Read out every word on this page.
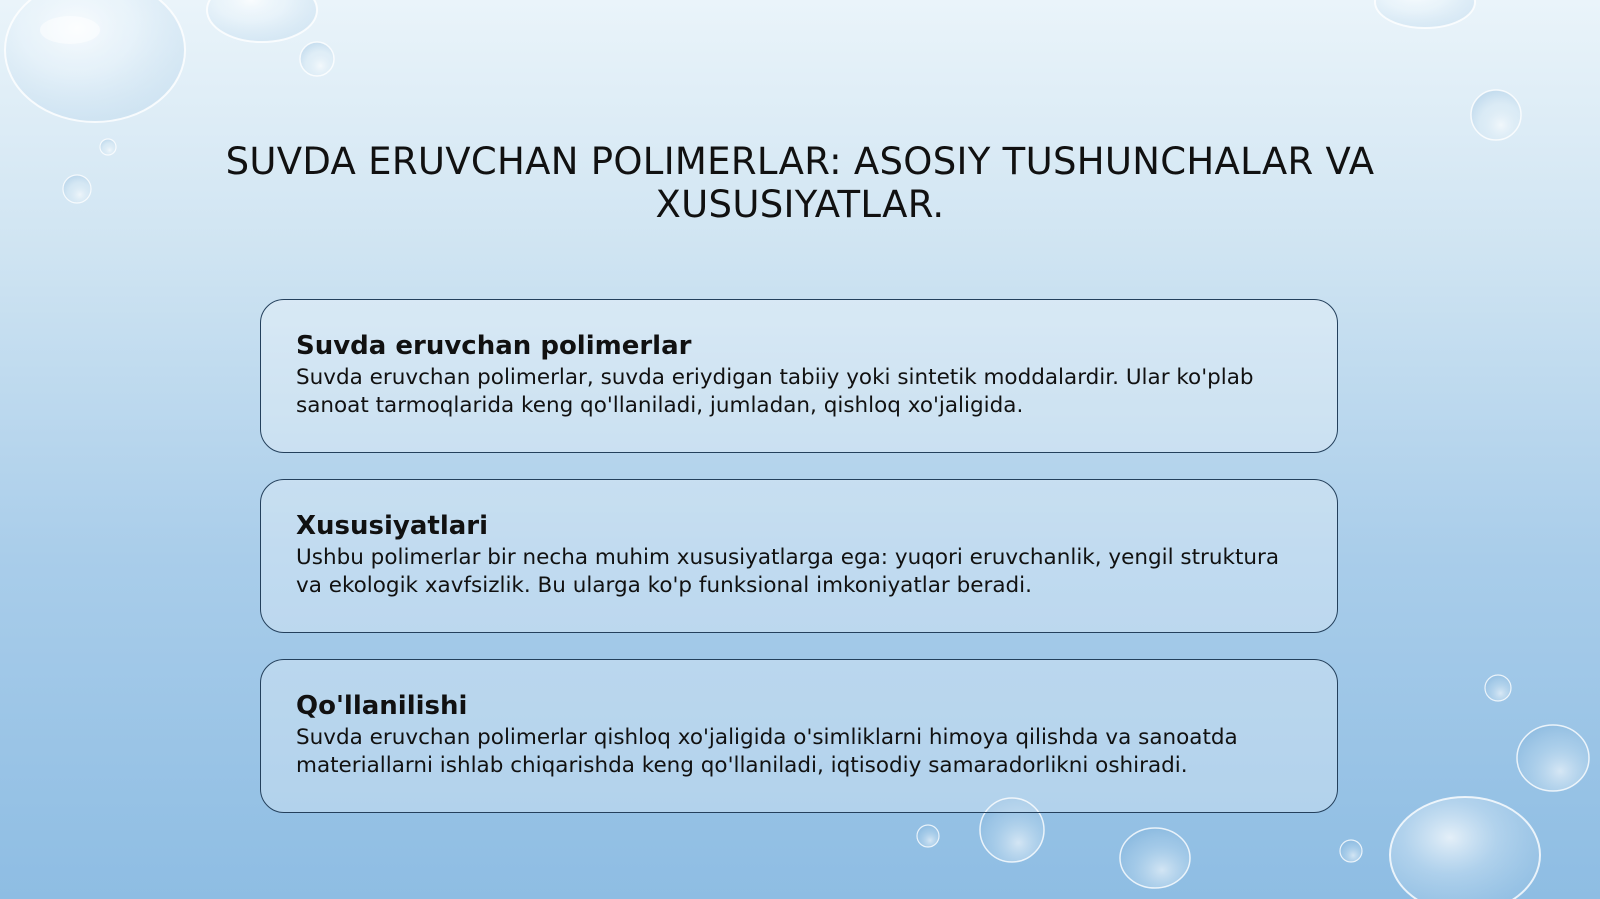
SUVDA ERUVCHAN POLIMERLAR: ASOSIY TUSHUNCHALAR VA XUSUSIYATLAR.
Suvda eruvchan polimerlar

Suvda eruvchan polimerlar, suvda eriydigan tabiiy yoki sintetik moddalardir. Ular ko'plab sanoat tarmoqlarida keng qo'llaniladi, jumladan, qishloq xo'jaligida.

Xususiyatlari

Ushbu polimerlar bir necha muhim xususiyatlarga ega: yuqori eruvchanlik, yengil struktura va ekologik xavfsizlik. Bu ularga ko'p funksional imkoniyatlar beradi.

Qo'llanilishi

Suvda eruvchan polimerlar qishloq xo'jaligida o'simliklarni himoya qilishda va sanoatda materiallarni ishlab chiqarishda keng qo'llaniladi, iqtisodiy samaradorlikni oshiradi.
